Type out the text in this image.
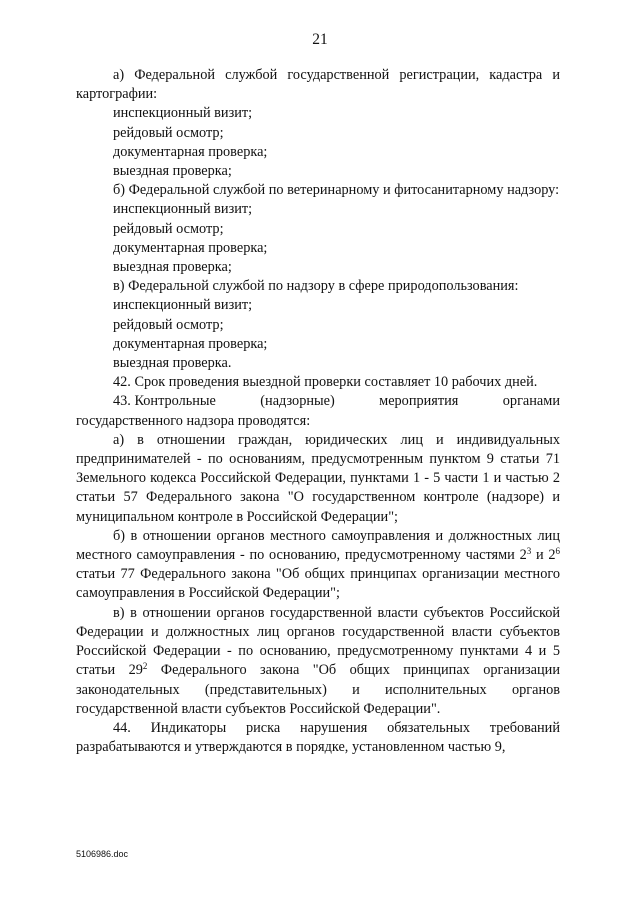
21

а) Федеральной службой государственной регистрации, кадастра и картографии:

инспекционный визит;

рейдовый осмотр;

документарная проверка;

выездная проверка;

б) Федеральной службой по ветеринарному и фитосанитарному надзору:

инспекционный визит;

рейдовый осмотр;

документарная проверка;

выездная проверка;

в) Федеральной службой по надзору в сфере природопользования:

инспекционный визит;

рейдовый осмотр;

документарная проверка;

выездная проверка.

42. Срок проведения выездной проверки составляет 10 рабочих дней.

43. Контрольные	(надзорные)	мероприятия	органами

государственного надзора проводятся:

а) в отношении граждан, юридических лиц и индивидуальных предпринимателей - по основаниям, предусмотренным пунктом 9 статьи 71 Земельного кодекса Российской Федерации, пунктами 1 - 5 части 1 и частью 2 статьи 57 Федерального закона "О государственном контроле (надзоре) и муниципальном контроле в Российской Федерации";

б) в отношении органов местного самоуправления и должностных лиц местного самоуправления - по основанию, предусмотренному частями $2^3$ и $2^6$ статьи 77 Федерального закона "Об общих принципах организации местного самоуправления в Российской Федерации";

в) в отношении органов государственной власти субъектов Российской Федерации и должностных лиц органов государственной власти субъектов Российской Федерации - по основанию, предусмотренному пунктами 4 и 5 статьи $29^2$ Федерального закона "Об общих принципах организации законодательных (представительных) и исполнительных органов государственной власти субъектов Российской Федерации".

44. Индикаторы риска нарушения обязательных требований разрабатываются и утверждаются в порядке, установленном частью 9,

5106986.doc
